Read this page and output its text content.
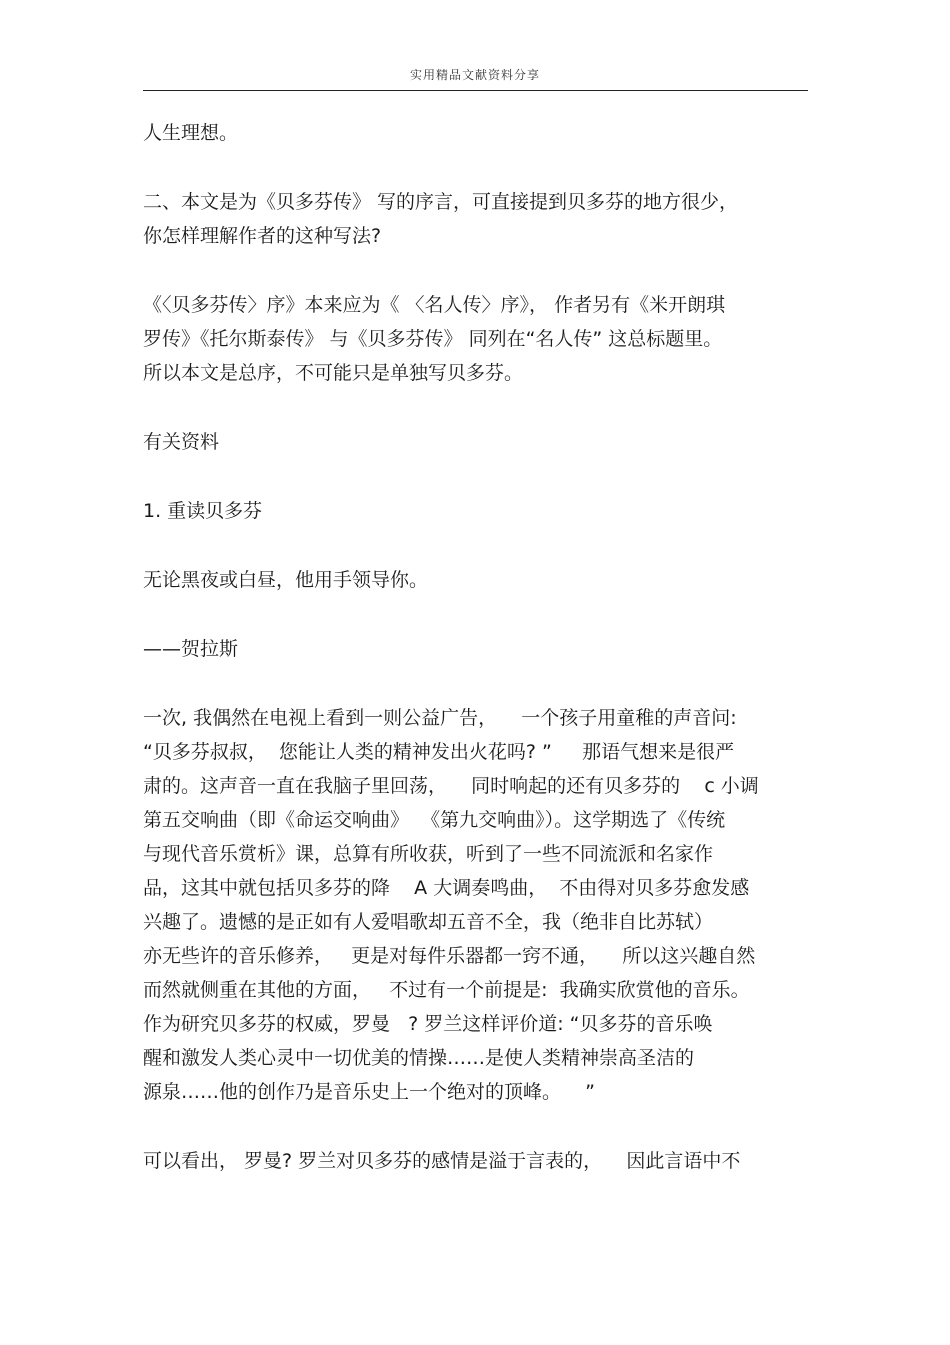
实用精品文献资料分享
人生理想。
二、本文是为《贝多芬传》 写的序言，可直接提到贝多芬的地方很少，
你怎样理解作者的这种写法?
《〈贝多芬传〉序》本来应为《 〈名人传〉序》， 作者另有《米开朗琪
罗传》《托尔斯泰传》 与《贝多芬传》 同列在“名人传” 这总标题里。
所以本文是总序，不可能只是单独写贝多芬。
有关资料
1. 重读贝多芬
无论黑夜或白昼，他用手领导你。
——贺拉斯
一次, 我偶然在电视上看到一则公益广告，    一个孩子用童稚的声音问:
“贝多芬叔叔，  您能让人类的精神发出火花吗? ”     那语气想来是很严
肃的。这声音一直在我脑子里回荡，    同时响起的还有贝多芬的    c 小调
第五交响曲（即《命运交响曲》  《第九交响曲》）。这学期选了《传统
与现代音乐赏析》课，总算有所收获，听到了一些不同流派和名家作
品，这其中就包括贝多芬的降    A 大调奏鸣曲，  不由得对贝多芬愈发感
兴趣了。遗憾的是正如有人爱唱歌却五音不全，我（绝非自比苏轼）
亦无些许的音乐修养，   更是对每件乐器都一窍不通，    所以这兴趣自然
而然就侧重在其他的方面，   不过有一个前提是:  我确实欣赏他的音乐。
作为研究贝多芬的权威，罗曼   ? 罗兰这样评价道: “贝多芬的音乐唤
醒和激发人类心灵中一切优美的情操……是使人类精神崇高圣洁的
源泉……他的创作乃是音乐史上一个绝对的顶峰。    ”
可以看出， 罗曼? 罗兰对贝多芬的感情是溢于言表的，    因此言语中不
